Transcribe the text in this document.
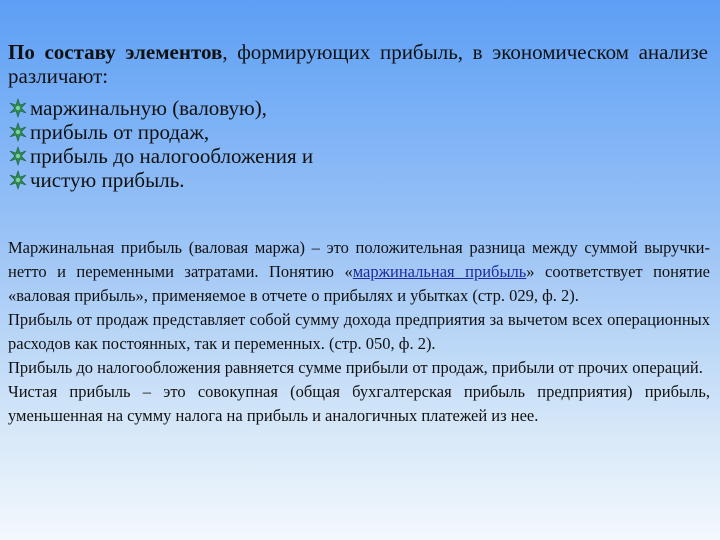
По составу элементов, формирующих прибыль, в экономическом анализе различают:
маржинальную (валовую),
прибыль от продаж,
прибыль до налогообложения и
чистую прибыль.

Маржинальная прибыль (валовая маржа) – это положительная разница между суммой выручки-нетто и переменными затратами. Понятию «маржинальная прибыль» соответствует понятие «валовая прибыль», применяемое в отчете о прибылях и убытках (стр. 029, ф. 2).

Прибыль от продаж представляет собой сумму дохода предприятия за вычетом всех операционных расходов как постоянных, так и переменных. (стр. 050, ф. 2).

Прибыль до налогообложения равняется сумме прибыли от продаж, прибыли от прочих операций.

Чистая прибыль – это совокупная (общая бухгалтерская прибыль предприятия) прибыль, уменьшенная на сумму налога на прибыль и аналогичных платежей из нее.
